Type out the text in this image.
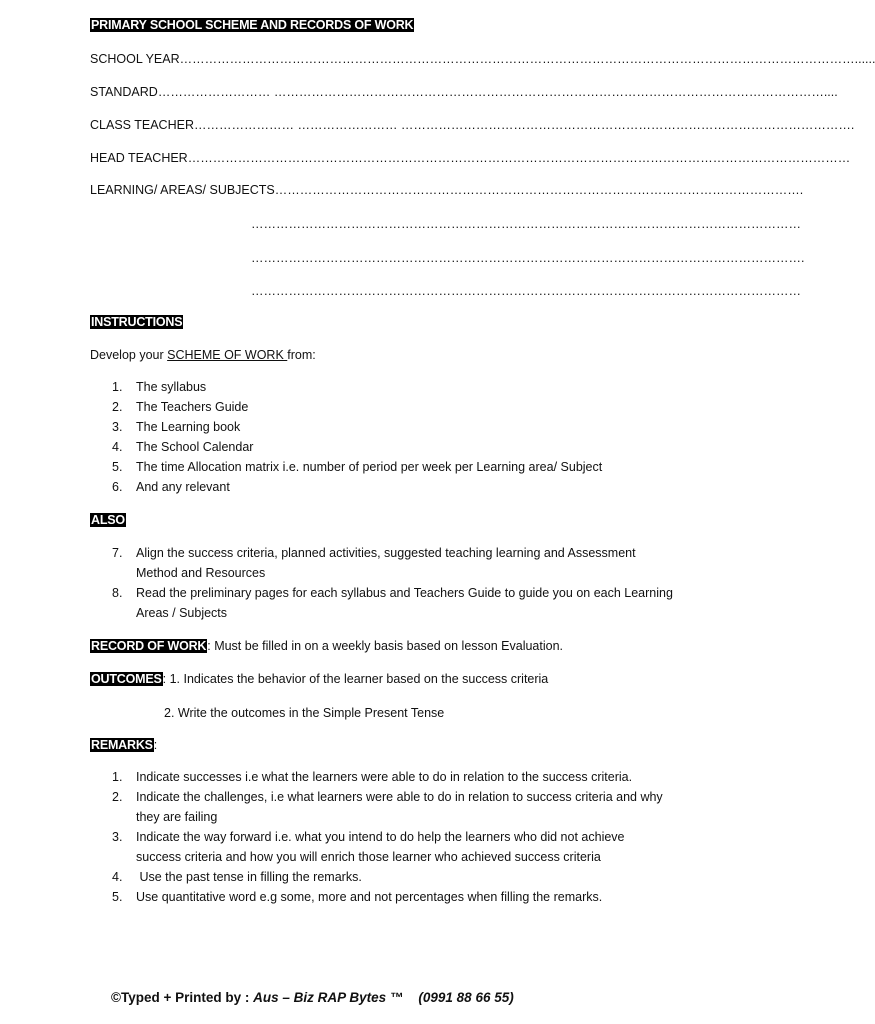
PRIMARY SCHOOL SCHEME AND RECORDS OF WORK
SCHOOL YEAR………………………………………………………………………………………………………………………………………………......
STANDARD……………………… ……………………………………………………………………………………………………………………....
CLASS TEACHER…………………… …………………… ……………………………………………………………………………………………….
HEAD TEACHER……………………………………………………………………………………………………………………………………………
LEARNING/ AREAS/ SUBJECTS……………………………………………………………………………………………………………….
……………………………………………………………………………………………………………………
…………………………………………………………………………………………………………………….
……………………………………………………………………………………………………………………
INSTRUCTIONS
Develop your SCHEME OF WORK from:
1. The syllabus
2. The Teachers Guide
3. The Learning book
4. The School Calendar
5. The time Allocation matrix i.e. number of period per week per Learning area/ Subject
6. And any relevant
ALSO
7. Align the success criteria, planned activities, suggested teaching learning and Assessment
Method and Resources
8. Read the preliminary pages for each syllabus and Teachers Guide to guide you on each Learning
Areas / Subjects
RECORD OF WORK: Must be filled in on a weekly basis based on lesson Evaluation.
OUTCOMES: 1. Indicates the behavior of the learner based on the success criteria
2. Write the outcomes in the Simple Present Tense
REMARKS:
1. Indicate successes i.e what the learners were able to do in relation to the success criteria.
2. Indicate the challenges, i.e what learners were able to do in relation to success criteria and why
they are failing
3. Indicate the way forward i.e. what you intend to do help the learners who did not achieve
success criteria and how you will enrich those learner who achieved success criteria
4. Use the past tense in filling the remarks.
5. Use quantitative word e.g some, more and not percentages when filling the remarks.
©Typed + Printed by : Aus – Biz RAP Bytes ™    (0991 88 66 55)
